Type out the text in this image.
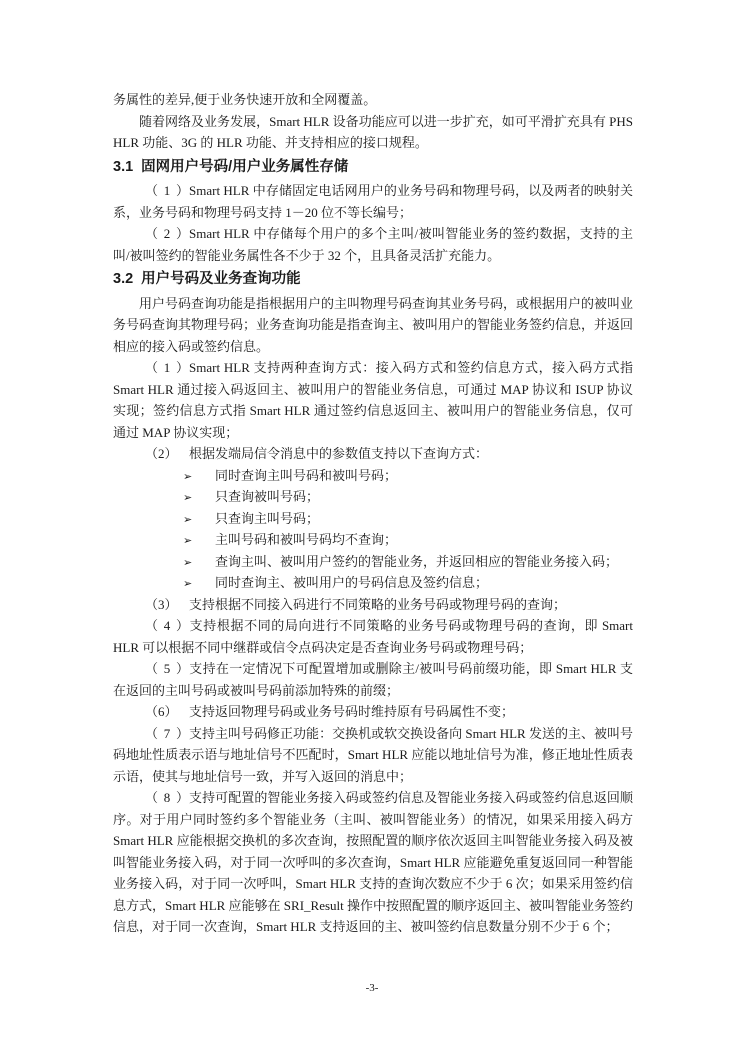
务属性的差异,便于业务快速开放和全网覆盖。
随着网络及业务发展，Smart HLR 设备功能应可以进一步扩充，如可平滑扩充具有 PHS
HLR 功能、3G 的 HLR 功能、并支持相应的接口规程。
3.1 固网用户号码/用户业务属性存储
（1）Smart HLR 中存储固定电话网用户的业务号码和物理号码，以及两者的映射关
系，业务号码和物理号码支持 1－20 位不等长编号；
（2）Smart HLR 中存储每个用户的多个主叫/被叫智能业务的签约数据，支持的主
叫/被叫签约的智能业务属性各不少于 32 个，且具备灵活扩充能力。
3.2 用户号码及业务查询功能
用户号码查询功能是指根据用户的主叫物理号码查询其业务号码，或根据用户的被叫业
务号码查询其物理号码；业务查询功能是指查询主、被叫用户的智能业务签约信息，并返回
相应的接入码或签约信息。
（1）Smart HLR 支持两种查询方式：接入码方式和签约信息方式，接入码方式指
Smart HLR 通过接入码返回主、被叫用户的智能业务信息，可通过 MAP 协议和 ISUP 协议
实现；签约信息方式指 Smart HLR 通过签约信息返回主、被叫用户的智能业务信息，仅可
通过 MAP 协议实现；
（2） 根据发端局信令消息中的参数值支持以下查询方式：
➢ 同时查询主叫号码和被叫号码；
➢ 只查询被叫号码；
➢ 只查询主叫号码；
➢ 主叫号码和被叫号码均不查询；
➢ 查询主叫、被叫用户签约的智能业务，并返回相应的智能业务接入码；
➢ 同时查询主、被叫用户的号码信息及签约信息；
（3） 支持根据不同接入码进行不同策略的业务号码或物理号码的查询；
（4）支持根据不同的局向进行不同策略的业务号码或物理号码的查询，即 Smart
HLR 可以根据不同中继群或信令点码决定是否查询业务号码或物理号码；
（5）支持在一定情况下可配置增加或删除主/被叫号码前缀功能，即 Smart HLR 支
在返回的主叫号码或被叫号码前添加特殊的前缀；
（6） 支持返回物理号码或业务号码时维持原有号码属性不变；
（7）支持主叫号码修正功能：交换机或软交换设备向 Smart HLR 发送的主、被叫号
码地址性质表示语与地址信号不匹配时，Smart HLR 应能以地址信号为准，修正地址性质表
示语，使其与地址信号一致，并写入返回的消息中；
（8）支持可配置的智能业务接入码或签约信息及智能业务接入码或签约信息返回顺
序。对于用户同时签约多个智能业务（主叫、被叫智能业务）的情况，如果采用接入码方
Smart HLR 应能根据交换机的多次查询，按照配置的顺序依次返回主叫智能业务接入码及被
叫智能业务接入码，对于同一次呼叫的多次查询，Smart HLR 应能避免重复返回同一种智能
业务接入码，对于同一次呼叫，Smart HLR 支持的查询次数应不少于 6 次；如果采用签约信
息方式，Smart HLR 应能够在 SRI_Result 操作中按照配置的顺序返回主、被叫智能业务签约
信息，对于同一次查询，Smart HLR 支持返回的主、被叫签约信息数量分别不少于 6 个；
-3-
